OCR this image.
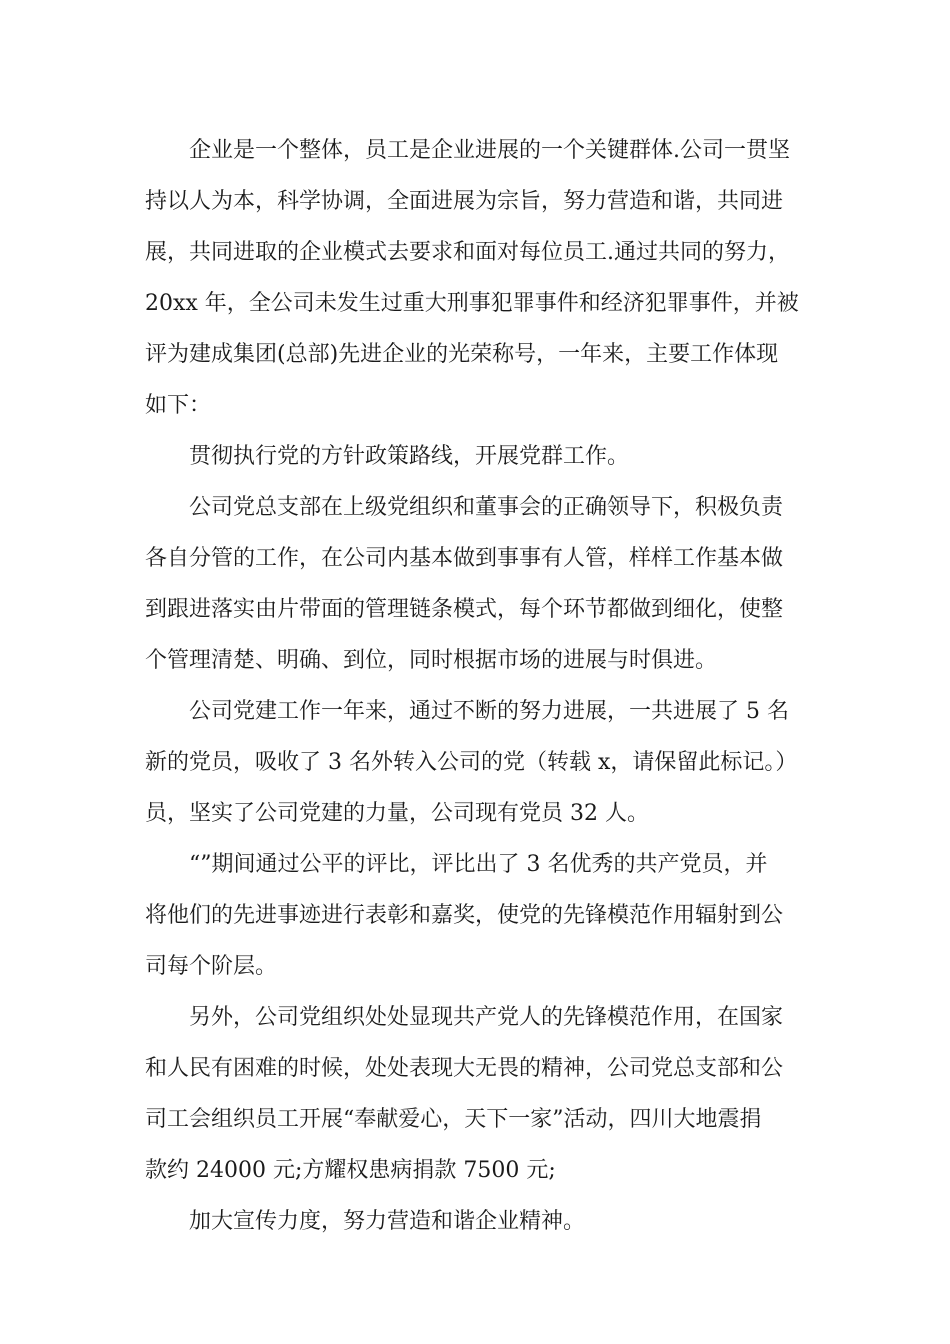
企业是一个整体，员工是企业进展的一个关键群体.公司一贯坚
持以人为本，科学协调，全面进展为宗旨，努力营造和谐，共同进
展，共同进取的企业模式去要求和面对每位员工.通过共同的努力，
20xx 年，全公司未发生过重大刑事犯罪事件和经济犯罪事件，并被
评为建成集团(总部)先进企业的光荣称号，一年来，主要工作体现
如下：

贯彻执行党的方针政策路线，开展党群工作。

公司党总支部在上级党组织和董事会的正确领导下，积极负责
各自分管的工作，在公司内基本做到事事有人管，样样工作基本做
到跟进落实由片带面的管理链条模式，每个环节都做到细化，使整
个管理清楚、明确、到位，同时根据市场的进展与时俱进。

公司党建工作一年来，通过不断的努力进展，一共进展了 5 名
新的党员，吸收了 3 名外转入公司的党（转载 x，请保留此标记。）
员，坚实了公司党建的力量，公司现有党员 32 人。

“”期间通过公平的评比，评比出了 3 名优秀的共产党员，并
将他们的先进事迹进行表彰和嘉奖，使党的先锋模范作用辐射到公
司每个阶层。

另外，公司党组织处处显现共产党人的先锋模范作用，在国家
和人民有困难的时候，处处表现大无畏的精神，公司党总支部和公
司工会组织员工开展“奉献爱心，天下一家”活动，四川大地震捐
款约 24000 元;方耀权患病捐款 7500 元;

加大宣传力度，努力营造和谐企业精神。
